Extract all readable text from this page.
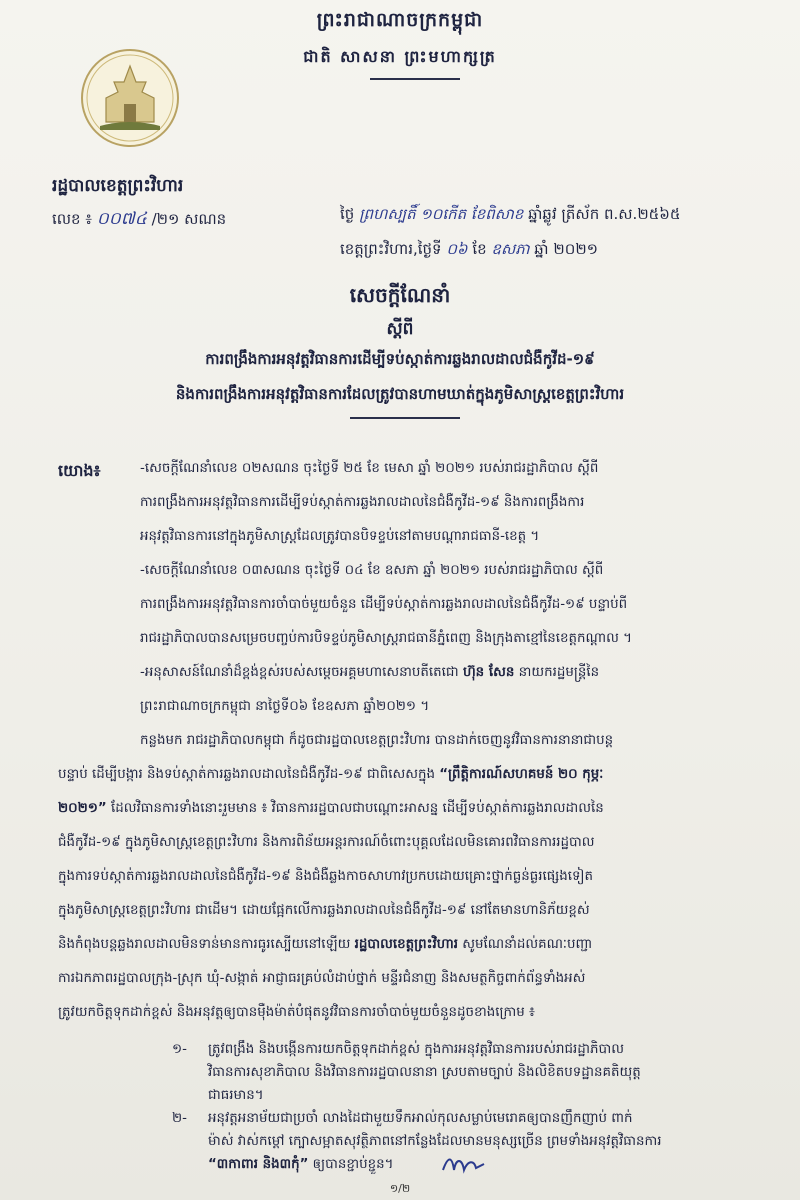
ព្រះរាជាណាចក្រកម្ពុជា
ជាតិ សាសនា ព្រះមហាក្សត្រ
រដ្ឋបាលខេត្តព្រះវិហារ
លេខ ៖ ០០៧៤ /២១ សណន	ថ្ងៃ ព្រហស្បតិ៍ ១០កើត ខែពិសាខ ឆ្នាំឆ្លូវ ត្រីស័ក ព.ស.២៥៦៥
ខេត្តព្រះវិហារ,ថ្ងៃទី ០៦ ខែ ឧសភា ឆ្នាំ ២០២១
សេចក្តីណែនាំ
ស្តីពី
ការពង្រឹងការអនុវត្តវិធានការដើម្បីទប់ស្កាត់ការឆ្លងរាលដាលជំងឺកូវីដ-១៩
និងការពង្រឹងការអនុវត្តវិធានការដែលត្រូវបានហាមឃាត់ក្នុងភូមិសាស្ត្រខេត្តព្រះវិហារ
យោង៖	-សេចក្តីណែនាំលេខ ០២សណន ចុះថ្ងៃទី ២៥ ខែ មេសា ឆ្នាំ ២០២១ របស់រាជរដ្ឋាភិបាល ស្តីពី
ការពង្រឹងការអនុវត្តវិធានការដើម្បីទប់ស្កាត់ការឆ្លងរាលដាលនៃជំងឺកូវីដ-១៩ និងការពង្រឹងការ
អនុវត្តវិធានការនៅក្នុងភូមិសាស្ត្រដែលត្រូវបានបិទខ្ទប់នៅតាមបណ្តារាជធានី-ខេត្ត ។
-សេចក្តីណែនាំលេខ ០៣សណន ចុះថ្ងៃទី ០៤ ខែ ឧសភា ឆ្នាំ ២០២១ របស់រាជរដ្ឋាភិបាល ស្តីពី
ការពង្រឹងការអនុវត្តវិធានការចាំបាច់មួយចំនួន ដើម្បីទប់ស្កាត់ការឆ្លងរាលដាលនៃជំងឺកូវីដ-១៩ បន្ទាប់ពី
រាជរដ្ឋាភិបាលបានសម្រេចបញ្ចប់ការបិទខ្ទប់ភូមិសាស្ត្ររាជធានីភ្នំពេញ និងក្រុងតាខ្មៅនៃខេត្តកណ្តាល ។
-អនុសាសន៍ណែនាំដ៏ខ្ពង់ខ្ពស់របស់សម្តេចអគ្គមហាសេនាបតីតេជោ ហ៊ុន សែន នាយករដ្ឋមន្ត្រីនៃ
ព្រះរាជាណាចក្រកម្ពុជា នាថ្ងៃទី០៦ ខែឧសភា ឆ្នាំ២០២១ ។
កន្លងមក រាជរដ្ឋាភិបាលកម្ពុជា ក៏ដូចជារដ្ឋបាលខេត្តព្រះវិហារ បានដាក់ចេញនូវវិធានការនានាជាបន្ត
បន្ទាប់ ដើម្បីបង្ការ និងទប់ស្កាត់ការឆ្លងរាលដាលនៃជំងឺកូវីដ-១៩ ជាពិសេសក្នុង “ព្រឹត្តិការណ៍សហគមន៍ ២០ កុម្ភៈ
២០២១” ដែលវិធានការទាំងនោះរួមមាន ៖ វិធានការរដ្ឋបាលជាបណ្តោះអាសន្ន ដើម្បីទប់ស្កាត់ការឆ្លងរាលដាលនៃ
ជំងឺកូវីដ-១៩ ក្នុងភូមិសាស្ត្រខេត្តព្រះវិហារ និងការពិន័យអន្តរការណ៍ចំពោះបុគ្គលដែលមិនគោរពវិធានការរដ្ឋបាល
ក្នុងការទប់ស្កាត់ការឆ្លងរាលដាលនៃជំងឺកូវីដ-១៩ និងជំងឺឆ្លងកាចសាហាវប្រកបដោយគ្រោះថ្នាក់ធ្ងន់ធ្ងរផ្សេងទៀត
ក្នុងភូមិសាស្ត្រខេត្តព្រះវិហារ ជាដើម។ ដោយផ្អែកលើការឆ្លងរាលដាលនៃជំងឺកូវីដ-១៩ នៅតែមានហានិភ័យខ្ពស់
និងកំពុងបន្តឆ្លងរាលដាលមិនទាន់មានការធូរស្បើយនៅឡើយ រដ្ឋបាលខេត្តព្រះវិហារ សូមណែនាំដល់គណៈបញ្ជា
ការឯកភាពរដ្ឋបាលក្រុង-ស្រុក ឃុំ-សង្កាត់ អាជ្ញាធរគ្រប់លំដាប់ថ្នាក់ មន្ទីរជំនាញ និងសមត្ថកិច្ចពាក់ព័ន្ធទាំងអស់
ត្រូវយកចិត្តទុកដាក់ខ្ពស់ និងអនុវត្តឲ្យបានម៉ឺងម៉ាត់បំផុតនូវវិធានការចាំបាច់មួយចំនួនដូចខាងក្រោម ៖
១/២
១- ត្រូវពង្រឹង និងបង្កើនការយកចិត្តទុកដាក់ខ្ពស់ ក្នុងការអនុវត្តវិធានការរបស់រាជរដ្ឋាភិបាល
វិធានការសុខាភិបាល និងវិធានការរដ្ឋបាលនានា ស្របតាមច្បាប់ និងលិខិតបទដ្ឋានគតិយុត្ត
ជាធរមាន។
២- អនុវត្តអនាម័យជាប្រចាំ លាងដៃជាមួយទឹកអាល់កុលសម្លាប់មេរោគឲ្យបានញឹកញាប់ ពាក់
ម៉ាស់ វាស់កម្តៅ ក្បោសម្អាតសុវត្ថិភាពនៅកន្លែងដែលមានមនុស្សច្រើន ព្រមទាំងអនុវត្តវិធានការ
“៣កាពារ និង៣កុំ” ឲ្យបានខ្ជាប់ខ្ជួន។
